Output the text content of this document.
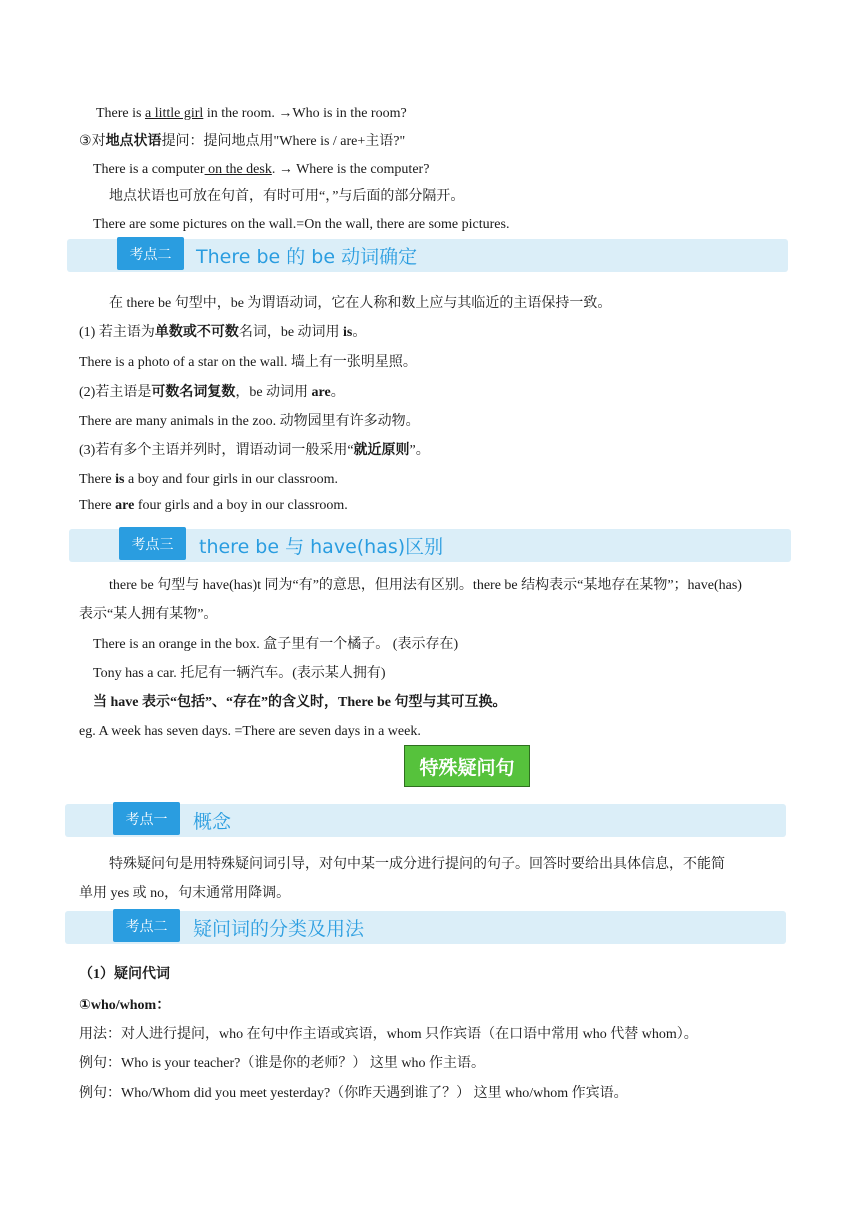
There is a little girl in the room. →Who is in the room?
③对地点状语提问：提问地点用"Where is / are+主语?"
There is a computer on the desk. → Where is the computer?
地点状语也可放在句首，有时可用“，”与后面的部分隔开。
There are some pictures on the wall.=On the wall, there are some pictures.
考点二	There be 的 be 动词确定
在 there be 句型中，be 为谓语动词，它在人称和数上应与其临近的主语保持一致。
(1) 若主语为单数或不可数名词，be 动词用 is。
There is a photo of a star on the wall. 墙上有一张明星照。
(2)若主语是可数名词复数，be 动词用 are。
There are many animals in the zoo. 动物园里有许多动物。
(3)若有多个主语并列时，谓语动词一般采用“就近原则”。
There is a boy and four girls in our classroom.
There are four girls and a boy in our classroom.
考点三	there be 与 have(has)区别
there be 句型与 have(has)t 同为“有”的意思，但用法有区别。there be 结构表示“某地存在某物”；have(has)
表示“某人拥有某物”。
There is an orange in the box. 盒子里有一个橘子。 (表示存在)
Tony has a car. 托尼有一辆汽车。(表示某人拥有)
当 have 表示“包括”、“存在”的含义时，There be 句型与其可互换。
eg. A week has seven days. =There are seven days in a week.
特殊疑问句
考点一	概念
特殊疑问句是用特殊疑问词引导，对句中某一成分进行提问的句子。回答时要给出具体信息，不能简
单用 yes 或 no，句末通常用降调。
考点二	疑问词的分类及用法
（1）疑问代词
①who/whom：
用法：对人进行提问，who 在句中作主语或宾语，whom 只作宾语（在口语中常用 who 代替 whom）。
例句：Who is your teacher?（谁是你的老师？） 这里 who 作主语。
例句：Who/Whom did you meet yesterday?（你昨天遇到谁了？） 这里 who/whom 作宾语。
